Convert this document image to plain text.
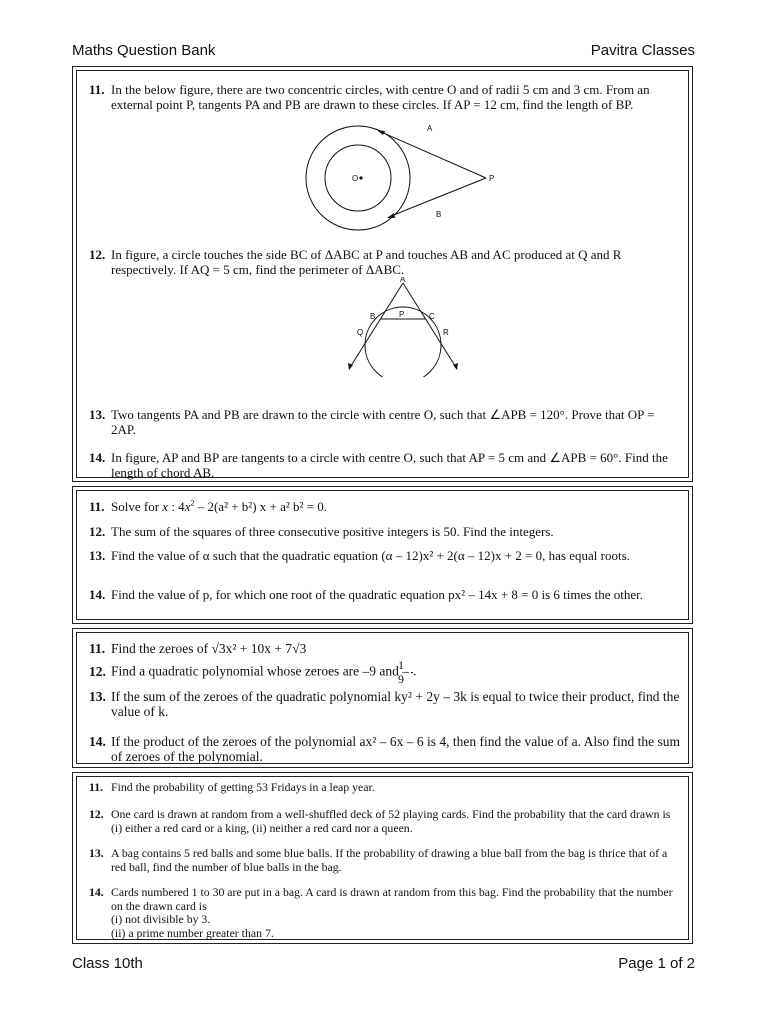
Maths Question Bank	Pavitra Classes
11. In the below figure, there are two concentric circles, with centre O and of radii 5 cm and 3 cm. From an external point P, tangents PA and PB are drawn to these circles. If AP = 12 cm, find the length of BP.
A
O	P
B
12. In figure, a circle touches the side BC of ΔABC at P and touches AB and AC produced at Q and R respectively. If AQ = 5 cm, find the perimeter of ΔABC.
A
B	P	C
Q	R
13. Two tangents PA and PB are drawn to the circle with centre O, such that ∠APB = 120°. Prove that OP = 2AP.
14. In figure, AP and BP are tangents to a circle with centre O, such that AP = 5 cm and ∠APB = 60°. Find the length of chord AB.
11. Solve for x : $4x^2 - 2(a^2 + b^2) x + a^2$ b² = 0.
12. The sum of the squares of three consecutive positive integers is 50. Find the integers.
13. Find the value of α such that the quadratic equation (α – 12)x² + 2(α – 12)x + 2 = 0, has equal roots.
14. Find the value of p, for which one root of the quadratic equation px² – 14x + 8 = 0 is 6 times the other.
11. Find the zeroes of √3x² + 10x + 7√3
12. Find a quadratic polynomial whose zeroes are –9 and – $\frac{1}{9}$ .
13. If the sum of the zeroes of the quadratic polynomial ky² + 2y – 3k is equal to twice their product, find the value of k.
14. If the product of the zeroes of the polynomial ax² – 6x – 6 is 4, then find the value of a. Also find the sum of zeroes of the polynomial.
11. Find the probability of getting 53 Fridays in a leap year.
12. One card is drawn at random from a well-shuffled deck of 52 playing cards. Find the probability that the card drawn is (i) either a red card or a king, (ii) neither a red card nor a queen.
13. A bag contains 5 red balls and some blue balls. If the probability of drawing a blue ball from the bag is thrice that of a red ball, find the number of blue balls in the bag.
14. Cards numbered 1 to 30 are put in a bag. A card is drawn at random from this bag. Find the probability that the number on the drawn card is
(i) not divisible by 3.
(ii) a prime number greater than 7.
Class 10th	Page 1 of 2
